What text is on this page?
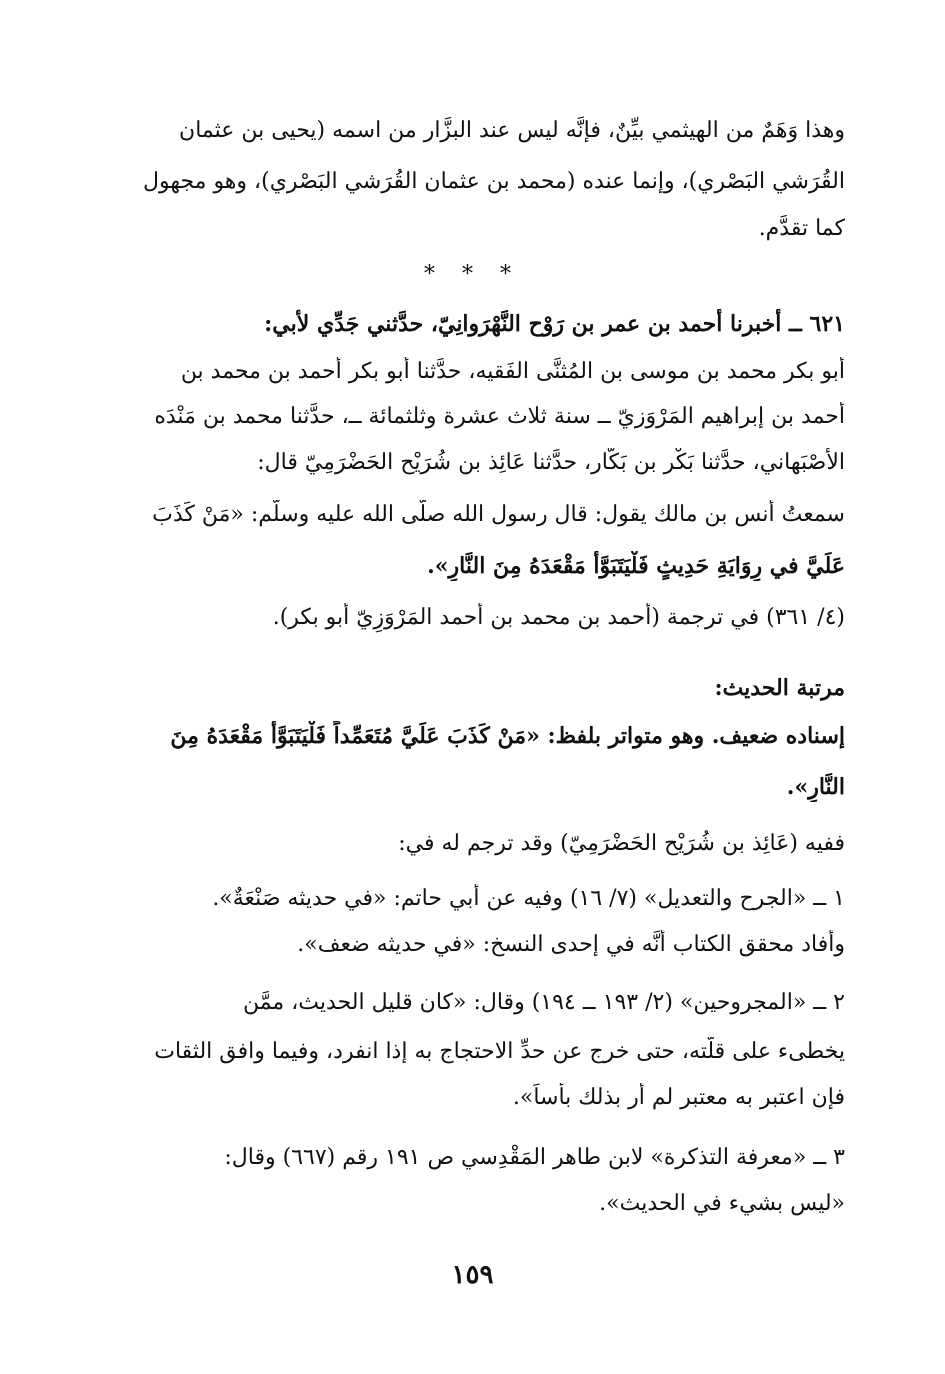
وهذا وَهَمٌ من الهيثمي بيِّنٌ، فإنَّه ليس عند البزَّار من اسمه (يحيى بن عثمان
القُرَشي البَصْري)، وإنما عنده (محمد بن عثمان القُرَشي البَصْري)، وهو مجهول
كما تقدَّم.
* * *
٦٢١ ــ أخبرنا أحمد بن عمر بن رَوْح النَّهْرَوانِيّ، حدَّثني جَدِّي لأبي:
أبو بكر محمد بن موسى بن المُثنَّى الفَقيه، حدَّثنا أبو بكر أحمد بن محمد بن
أحمد بن إبراهيم المَرْوَزيّ ــ سنة ثلاث عشرة وثلثمائة ــ، حدَّثنا محمد بن مَنْدَه
الأصْبَهاني، حدَّثنا بَكْر بن بَكَّار، حدَّثنا عَائِذ بن شُرَيْح الحَضْرَمِيّ قال:
سمعتُ أنس بن مالك يقول: قال رسول الله صلَّى الله عليه وسلَّم: «مَنْ كَذَبَ
عَلَيَّ في رِوَايَةِ حَدِيثٍ فَلْيَتَبَوَّأْ مَقْعَدَهُ مِنَ النَّارِ».
(٤/ ٣٦١) في ترجمة (أحمد بن محمد بن أحمد المَرْوَزِيّ أبو بكر).
مرتبة الحديث:
إسناده ضعيف. وهو متواتر بلفظ: «مَنْ كَذَبَ عَلَيَّ مُتَعَمِّداً فَلْيَتَبَوَّأْ مَقْعَدَهُ مِنَ
النَّارِ».
ففيه (عَائِذ بن شُرَيْح الحَضْرَمِيّ) وقد ترجم له في:
١ ــ «الجرح والتعديل» (٧/ ١٦) وفيه عن أبي حاتم: «في حديثه صَنْعَةٌ».
وأفاد محقق الكتاب أنَّه في إحدى النسخ: «في حديثه ضعف».
٢ ــ «المجروحين» (٢/ ١٩٣ ــ ١٩٤) وقال: «كان قليل الحديث، ممَّن
يخطىء على قلَّته، حتى خرج عن حدِّ الاحتجاج به إذا انفرد، وفيما وافق الثقات
فإن اعتبر به معتبر لم أر بذلك بأساً».
٣ ــ «معرفة التذكرة» لابن طاهر المَقْدِسي ص ١٩١ رقم (٦٦٧) وقال:
«ليس بشيء في الحديث».
١٥٩
